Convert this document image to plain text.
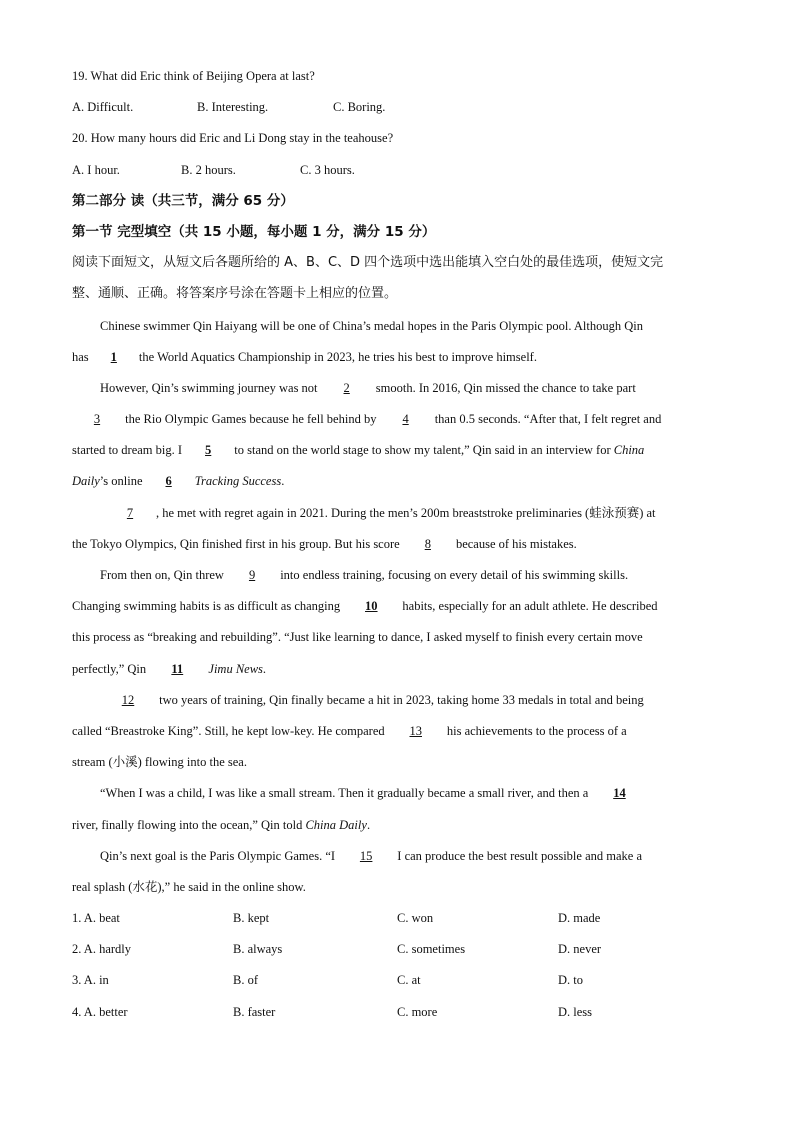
19. What did Eric think of Beijing Opera at last?
A. Difficult.	B. Interesting.	C. Boring.
20. How many hours did Eric and Li Dong stay in the teahouse?
A. I hour.	B. 2 hours.	C. 3 hours.
第二部分 读（共三节，满分 65 分）
第一节 完型填空（共 15 小题，每小题 1 分，满分 15 分）
阅读下面短文，从短文后各题所给的 A、B、C、D 四个选项中选出能填入空白处的最佳选项，使短文完
整、通顺、正确。将答案序号涂在答题卡上相应的位置。
Chinese swimmer Qin Haiyang will be one of China’s medal hopes in the Paris Olympic pool. Although Qin
has 1 the World Aquatics Championship in 2023, he tries his best to improve himself.
However, Qin’s swimming journey was not 2 smooth. In 2016, Qin missed the chance to take part
3 the Rio Olympic Games because he fell behind by 4 than 0.5 seconds. “After that, I felt regret and
started to dream big. I 5 to stand on the world stage to show my talent,” Qin said in an interview for China
Daily’s online 6 Tracking Success.
7 , he met with regret again in 2021. During the men’s 200m breaststroke preliminaries (蛙泳预赛) at
the Tokyo Olympics, Qin finished first in his group. But his score 8 because of his mistakes.
From then on, Qin threw 9 into endless training, focusing on every detail of his swimming skills.
Changing swimming habits is as difficult as changing 10 habits, especially for an adult athlete. He described
this process as “breaking and rebuilding”. “Just like learning to dance, I asked myself to finish every certain move
perfectly,” Qin 11 Jimu News.
12 two years of training, Qin finally became a hit in 2023, taking home 33 medals in total and being
called “Breastroke King”. Still, he kept low-key. He compared 13 his achievements to the process of a
stream (小溪) flowing into the sea.
“When I was a child, I was like a small stream. Then it gradually became a small river, and then a 14
river, finally flowing into the ocean,” Qin told China Daily.
Qin’s next goal is the Paris Olympic Games. “I 15 I can produce the best result possible and make a
real splash (水花),” he said in the online show.
1. A. beat	B. kept	C. won	D. made
2. A. hardly	B. always	C. sometimes	D. never
3. A. in	B. of	C. at	D. to
4. A. better	B. faster	C. more	D. less
